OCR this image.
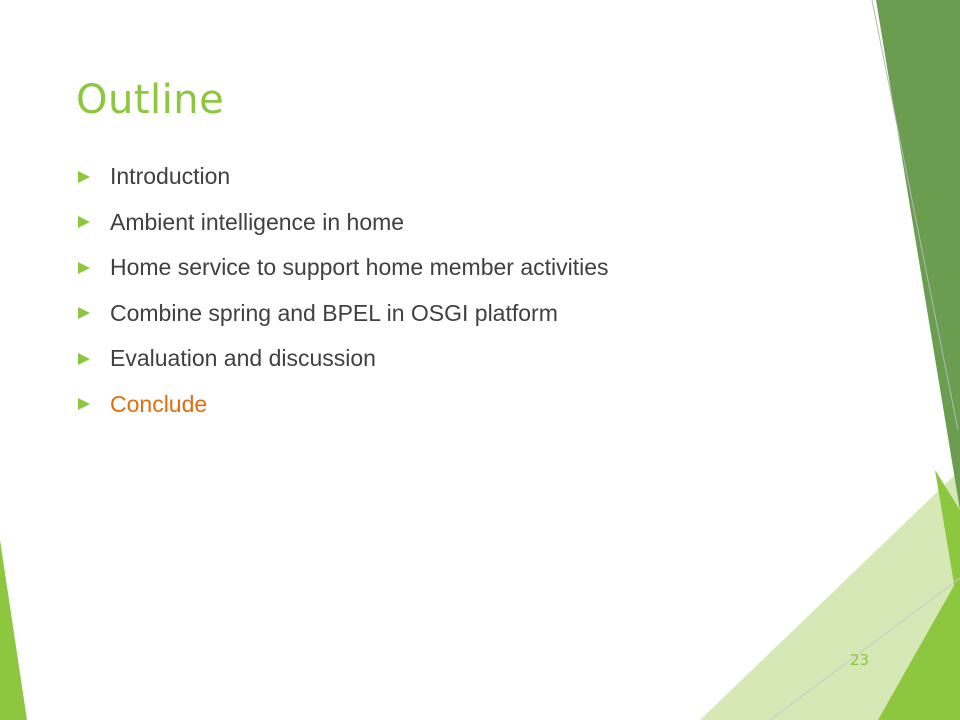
Outline
Introduction
Ambient intelligence in home
Home service to support home member activities
Combine spring and BPEL in OSGI platform
Evaluation and discussion
Conclude
23
